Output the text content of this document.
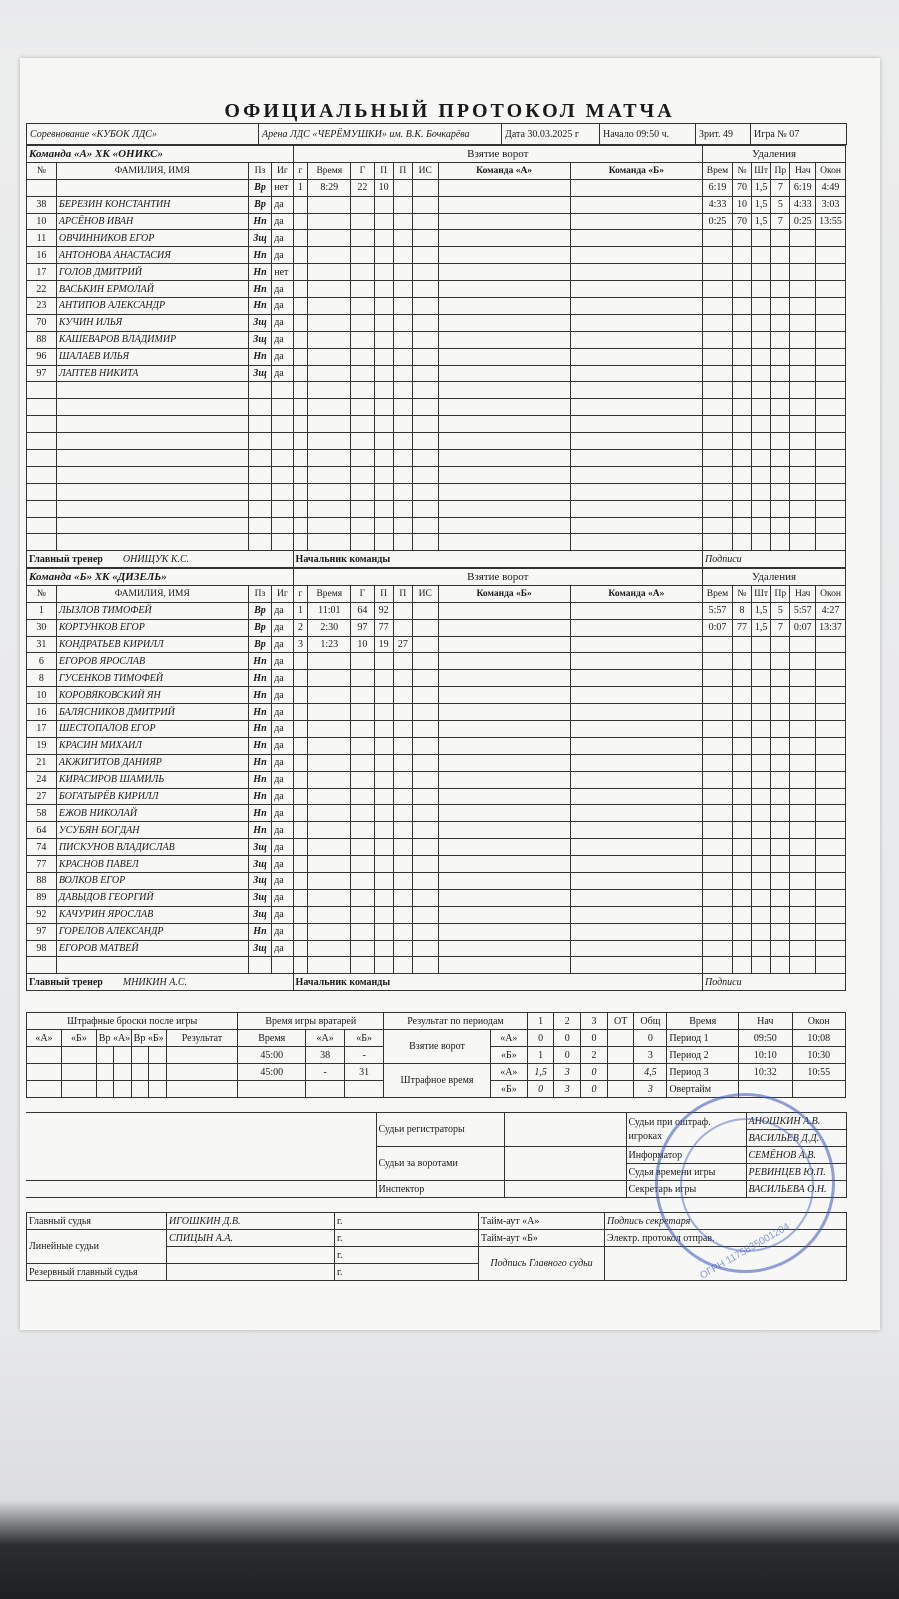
ОФИЦИАЛЬНЫЙ ПРОТОКОЛ МАТЧА
Соревнование «КУБОК ЛДС»	Арена ЛДС «ЧЕРЁМУШКИ» им. В.К. Бочкарёва	Дата 30.03.2025 г	Начало 09:50 ч.	Зрит. 49	Игра № 07
Команда «А» ХК «ОНИКС»				Взятие ворот								Удаления					
№	ФАМИЛИЯ, ИМЯ	Пз	Иг	г	Время	Г	П	П	ИС	Команда «А»	Команда «Б»	Врем	№	Шт	Пр	Нач	Окон
		Вр	нет	1	8:29	22	10					6:19	70	1,5	7	6:19	4:49
38	БЕРЕЗИН КОНСТАНТИН	Вр	да									4:33	10	1,5	5	4:33	3:03
10	АРСЁНОВ ИВАН	Нп	да									0:25	70	1,5	7	0:25	13:55
11	ОВЧИННИКОВ ЕГОР	Зщ	да														
16	АНТОНОВА АНАСТАСИЯ	Нп	да														
17	ГОЛОВ ДМИТРИЙ	Нп	нет														
22	ВАСЬКИН ЕРМОЛАЙ	Нп	да														
23	АНТИПОВ АЛЕКСАНДР	Нп	да														
70	КУЧИН ИЛЬЯ	Зщ	да														
88	КАШЕВАРОВ ВЛАДИМИР	Зщ	да														
96	ШАЛАЕВ ИЛЬЯ	Нп	да														
97	ЛАПТЕВ НИКИТА	Зщ	да														

Главный тренер ОНИЩУК К.С.				Начальник команды								Подписи					
Команда «Б» ХК «ДИЗЕЛЬ»				Взятие ворот								Удаления					
№	ФАМИЛИЯ, ИМЯ	Пз	Иг	г	Время	Г	П	П	ИС	Команда «Б»	Команда «А»	Врем	№	Шт	Пр	Нач	Окон
1	ЛЫЗЛОВ ТИМОФЕЙ	Вр	да	1	11:01	64	92					5:57	8	1,5	5	5:57	4:27
30	КОРТУНКОВ ЕГОР	Вр	да	2	2:30	97	77					0:07	77	1,5	7	0:07	13:37
31	КОНДРАТЬЕВ КИРИЛЛ	Вр	да	3	1:23	10	19	27									
6	ЕГОРОВ ЯРОСЛАВ	Нп	да														
8	ГУСЕНКОВ ТИМОФЕЙ	Нп	да														
10	КОРОВЯКОВСКИЙ ЯН	Нп	да														
16	БАЛЯСНИКОВ ДМИТРИЙ	Нп	да														
17	ШЕСТОПАЛОВ ЕГОР	Нп	да														
19	КРАСИН МИХАИЛ	Нп	да														
21	АКЖИГИТОВ ДАНИЯР	Нп	да														
24	КИРАСИРОВ ШАМИЛЬ	Нп	да														
27	БОГАТЫРЁВ КИРИЛЛ	Нп	да														
58	ЕЖОВ НИКОЛАЙ	Нп	да														
64	УСУБЯН БОГДАН	Нп	да														
74	ПИСКУНОВ ВЛАДИСЛАВ	Зщ	да														
77	КРАСНОВ ПАВЕЛ	Зщ	да														
88	ВОЛКОВ ЕГОР	Зщ	да														
89	ДАВЫДОВ ГЕОРГИЙ	Зщ	да														
92	КАЧУРИН ЯРОСЛАВ	Зщ	да														
97	ГОРЕЛОВ АЛЕКСАНДР	Нп	да														
98	ЕГОРОВ МАТВЕЙ	Зщ	да														

Главный тренер МНИКИН А.С.				Начальник команды								Подписи					
Штрафные броски после игры							Время игры вратарей			Результат по периодам		1	2	3	ОТ	Общ	Время	Нач	Окон
«А»	«Б»	Вр «А»		Вр «Б»		Результат	Время	«А»	«Б»	Взятие ворот	«А»	0	0	0		0	Период 1	09:50	10:08
							45:00	38	-		«Б»	1	0	2		3	Период 2	10:10	10:30
							45:00	-	31	Штрафное время	«А»	1,5	3	0		4,5	Период 3	10:32	10:55
											«Б»	0	3	0		3	Овертайм		
	Судьи регистраторы		Судьи при оштраф. игроках	АНОШКИН А.В.
				ВАСИЛЬЕВ Д.Д.
	Судьи за воротами		Информатор	СЕМЁНОВ А.В.
			Судья времени игры	РЕВИНЦЕВ Ю.П.
	Инспектор		Секретарь игры	ВАСИЛЬЕВА О.Н.
Главный судья	ИГОШКИН Д.В.	г.	Тайм-аут «А»	Подпись секретаря
Линейные судьи	СПИЦЫН А.А.	г.	Тайм-аут «Б»	Электр. протокол отправ.
		г.	Подпись Главного судьи	
Резервный главный судья		г.			ОГРН 1175835001204
